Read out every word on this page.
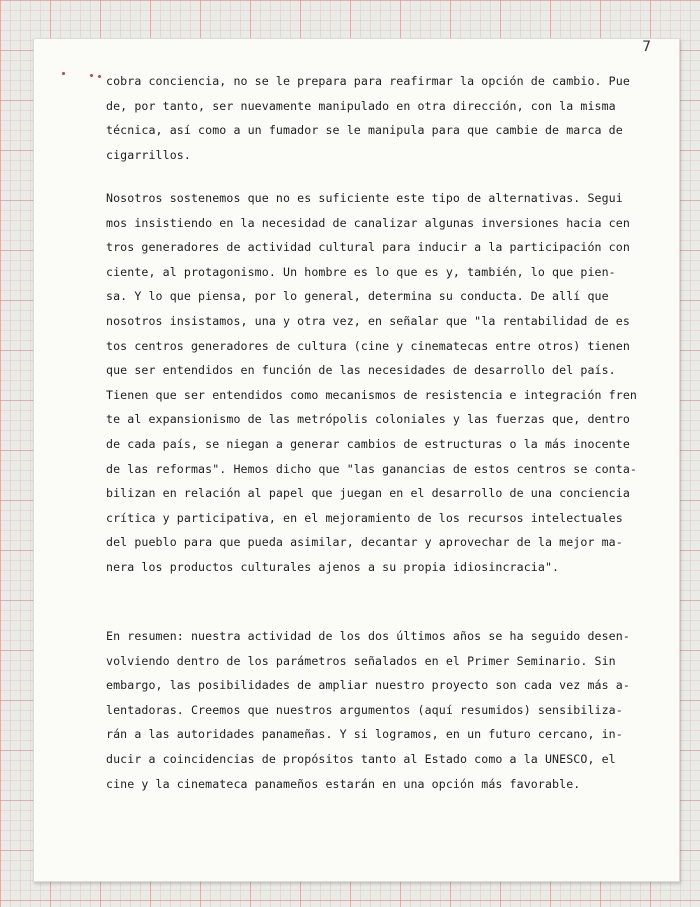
7
cobra conciencia, no se le prepara para reafirmar la opción de cambio. Pue
de, por tanto, ser nuevamente manipulado en otra dirección, con la misma
técnica, así como a un fumador se le manipula para que cambie de marca de
cigarrillos.
Nosotros sostenemos que no es suficiente este tipo de alternativas. Segui
mos insistiendo en la necesidad de canalizar algunas inversiones hacia cen
tros generadores de actividad cultural para inducir a la participación con
ciente, al protagonismo. Un hombre es lo que es y, también, lo que pien-
sa. Y lo que piensa, por lo general, determina su conducta. De allí que
nosotros insistamos, una y otra vez, en señalar que "la rentabilidad de es
tos centros generadores de cultura (cine y cinematecas entre otros) tienen
que ser entendidos en función de las necesidades de desarrollo del país.
Tienen que ser entendidos como mecanismos de resistencia e integración fren
te al expansionismo de las metrópolis coloniales y las fuerzas que, dentro
de cada país, se niegan a generar cambios de estructuras o la más inocente
de las reformas". Hemos dicho que "las ganancias de estos centros se conta-
bilizan en relación al papel que juegan en el desarrollo de una conciencia
crítica y participativa, en el mejoramiento de los recursos intelectuales
del pueblo para que pueda asimilar, decantar y aprovechar de la mejor ma-
nera los productos culturales ajenos a su propia idiosincracia".
En resumen: nuestra actividad de los dos últimos años se ha seguido desen-
volviendo dentro de los parámetros señalados en el Primer Seminario. Sin
embargo, las posibilidades de ampliar nuestro proyecto son cada vez más a-
lentadoras. Creemos que nuestros argumentos (aquí resumidos) sensibiliza-
rán a las autoridades panameñas. Y si logramos, en un futuro cercano, in-
ducir a coincidencias de propósitos tanto al Estado como a la UNESCO, el
cine y la cinemateca panameños estarán en una opción más favorable.
